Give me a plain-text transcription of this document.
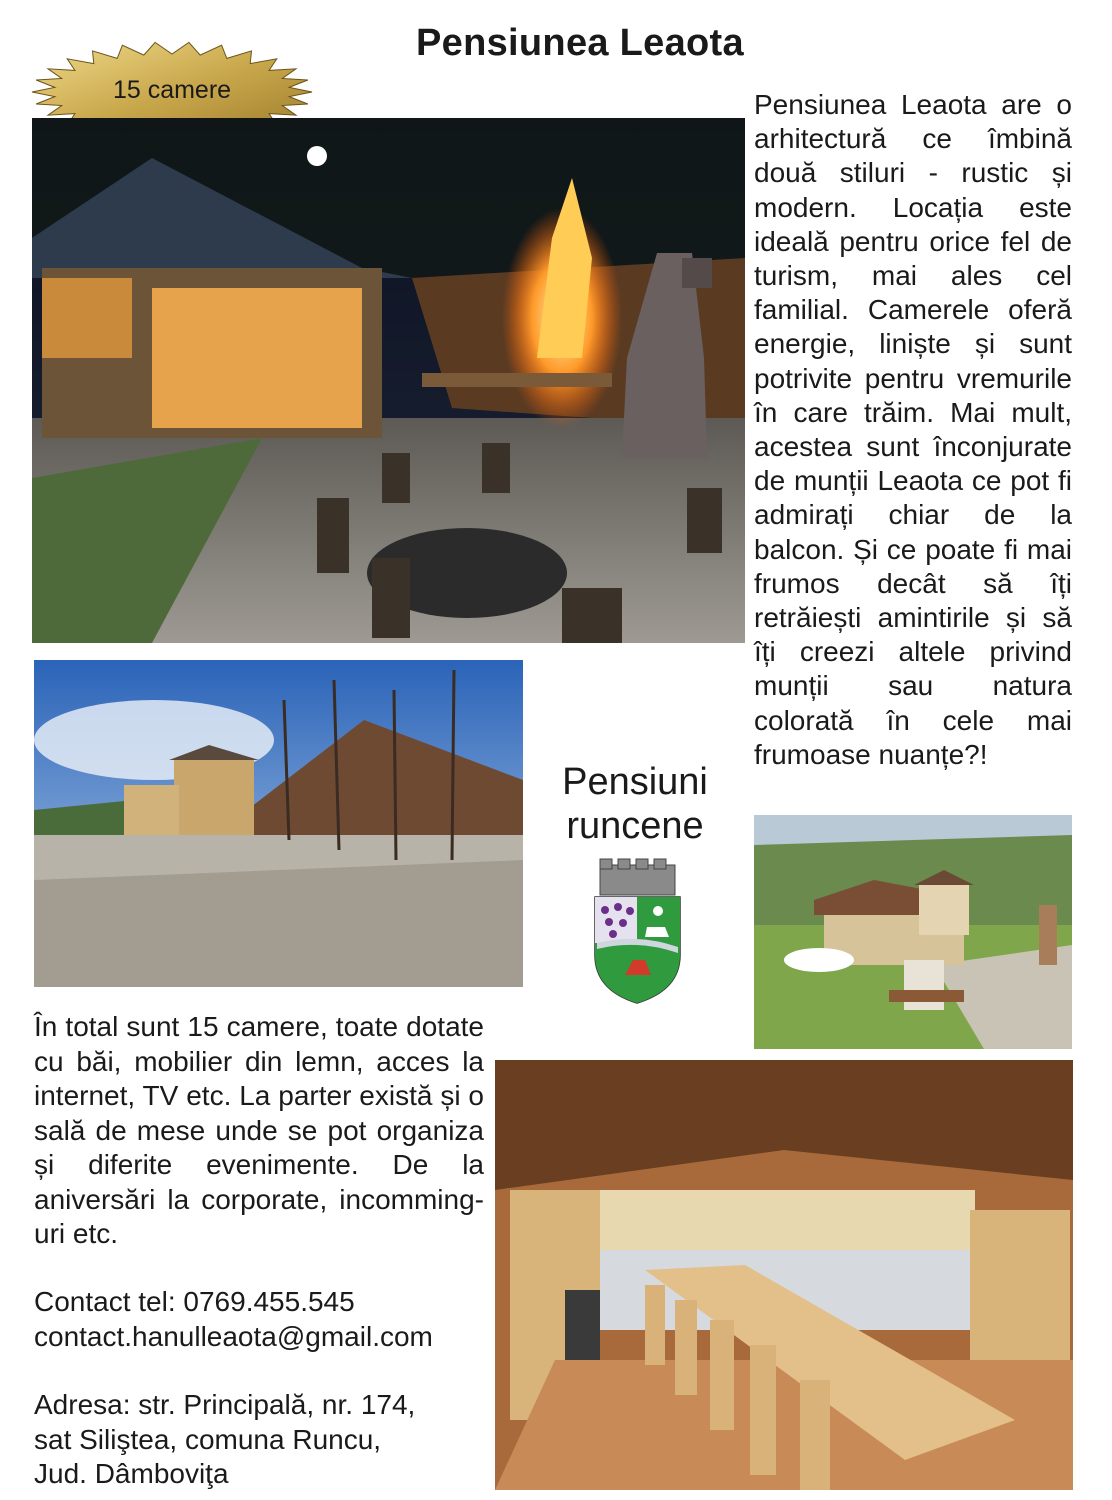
Pensiunea Leaota
15 camere	Pensiunea Leaota are o arhitectură ce îmbină două stiluri - rustic și modern. Locația este ideală pentru orice fel de turism, mai ales cel familial. Camerele oferă energie, liniște și sunt potrivite pentru vremurile în care trăim. Mai mult, acestea sunt înconjurate de munții Leaota ce pot fi admirați chiar de la balcon. Și ce poate fi mai frumos decât să îți retrăiești amintirile și să îți creezi altele privind munții sau natura colorată în cele mai frumoase nuanțe?!
Pensiuni
runcene
În total sunt 15 camere, toate dotate cu băi, mobilier din lemn, acces la internet, TV etc. La parter există și o sală de mese unde se pot organiza și diferite evenimente. De la aniversări la corporate, incomming-uri etc.
Contact tel: 0769.455.545
contact.hanulleaota@gmail.com
Adresa: str. Principală, nr. 174,
sat Siliştea, comuna Runcu,
Jud. Dâmboviţa
